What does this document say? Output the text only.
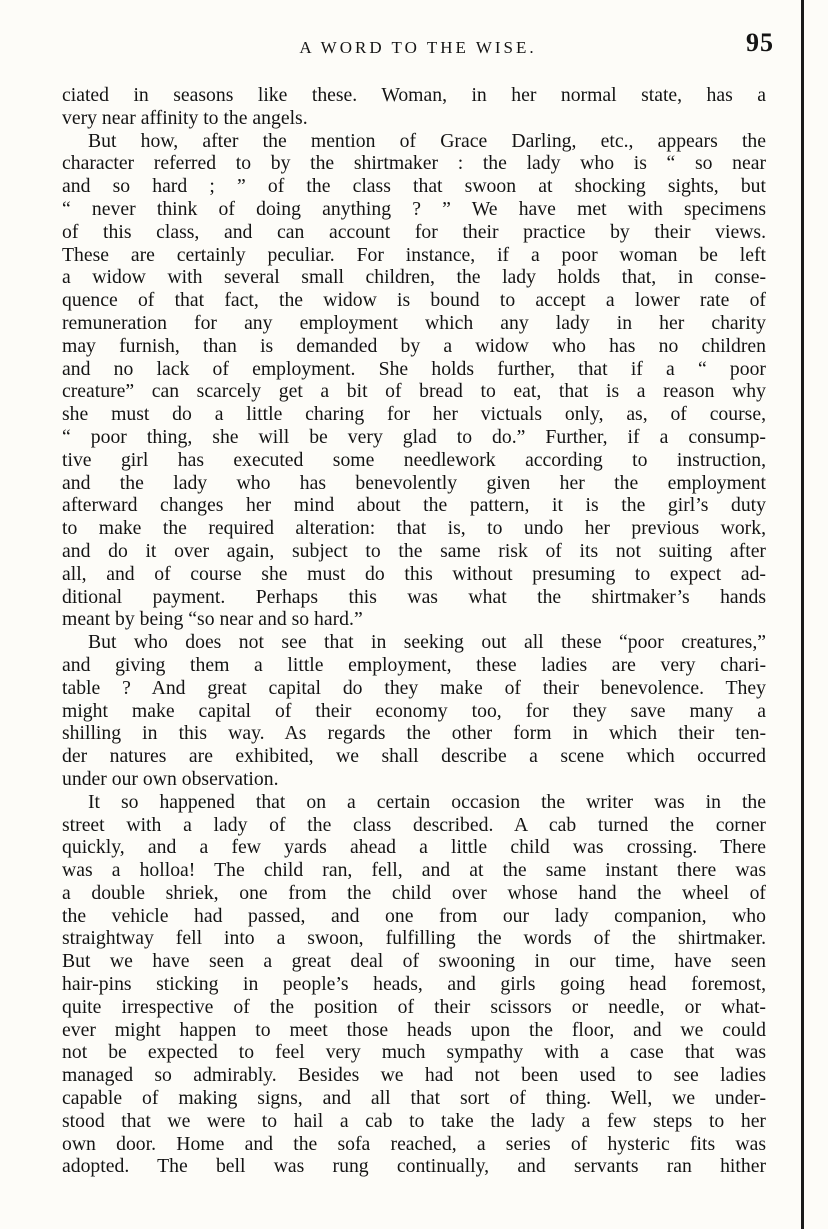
A WORD TO THE WISE.	95
ciated in seasons like these. Woman, in her normal state, has a
very near affinity to the angels.
But how, after the mention of Grace Darling, etc., appears the
character referred to by the shirtmaker : the lady who is “ so near
and so hard ; ” of the class that swoon at shocking sights, but
“ never think of doing anything ? ” We have met with specimens
of this class, and can account for their practice by their views.
These are certainly peculiar. For instance, if a poor woman be left
a widow with several small children, the lady holds that, in conse-
quence of that fact, the widow is bound to accept a lower rate of
remuneration for any employment which any lady in her charity
may furnish, than is demanded by a widow who has no children
and no lack of employment. She holds further, that if a “ poor
creature” can scarcely get a bit of bread to eat, that is a reason why
she must do a little charing for her victuals only, as, of course,
“ poor thing, she will be very glad to do.” Further, if a consump-
tive girl has executed some needlework according to instruction,
and the lady who has benevolently given her the employment
afterward changes her mind about the pattern, it is the girl’s duty
to make the required alteration: that is, to undo her previous work,
and do it over again, subject to the same risk of its not suiting after
all, and of course she must do this without presuming to expect ad-
ditional payment. Perhaps this was what the shirtmaker’s hands
meant by being “so near and so hard.”
But who does not see that in seeking out all these “poor creatures,”
and giving them a little employment, these ladies are very chari-
table ? And great capital do they make of their benevolence. They
might make capital of their economy too, for they save many a
shilling in this way. As regards the other form in which their ten-
der natures are exhibited, we shall describe a scene which occurred
under our own observation.
It so happened that on a certain occasion the writer was in the
street with a lady of the class described. A cab turned the corner
quickly, and a few yards ahead a little child was crossing. There
was a holloa! The child ran, fell, and at the same instant there was
a double shriek, one from the child over whose hand the wheel of
the vehicle had passed, and one from our lady companion, who
straightway fell into a swoon, fulfilling the words of the shirtmaker.
But we have seen a great deal of swooning in our time, have seen
hair-pins sticking in people’s heads, and girls going head foremost,
quite irrespective of the position of their scissors or needle, or what-
ever might happen to meet those heads upon the floor, and we could
not be expected to feel very much sympathy with a case that was
managed so admirably. Besides we had not been used to see ladies
capable of making signs, and all that sort of thing. Well, we under-
stood that we were to hail a cab to take the lady a few steps to her
own door. Home and the sofa reached, a series of hysteric fits was
adopted. The bell was rung continually, and servants ran hither
